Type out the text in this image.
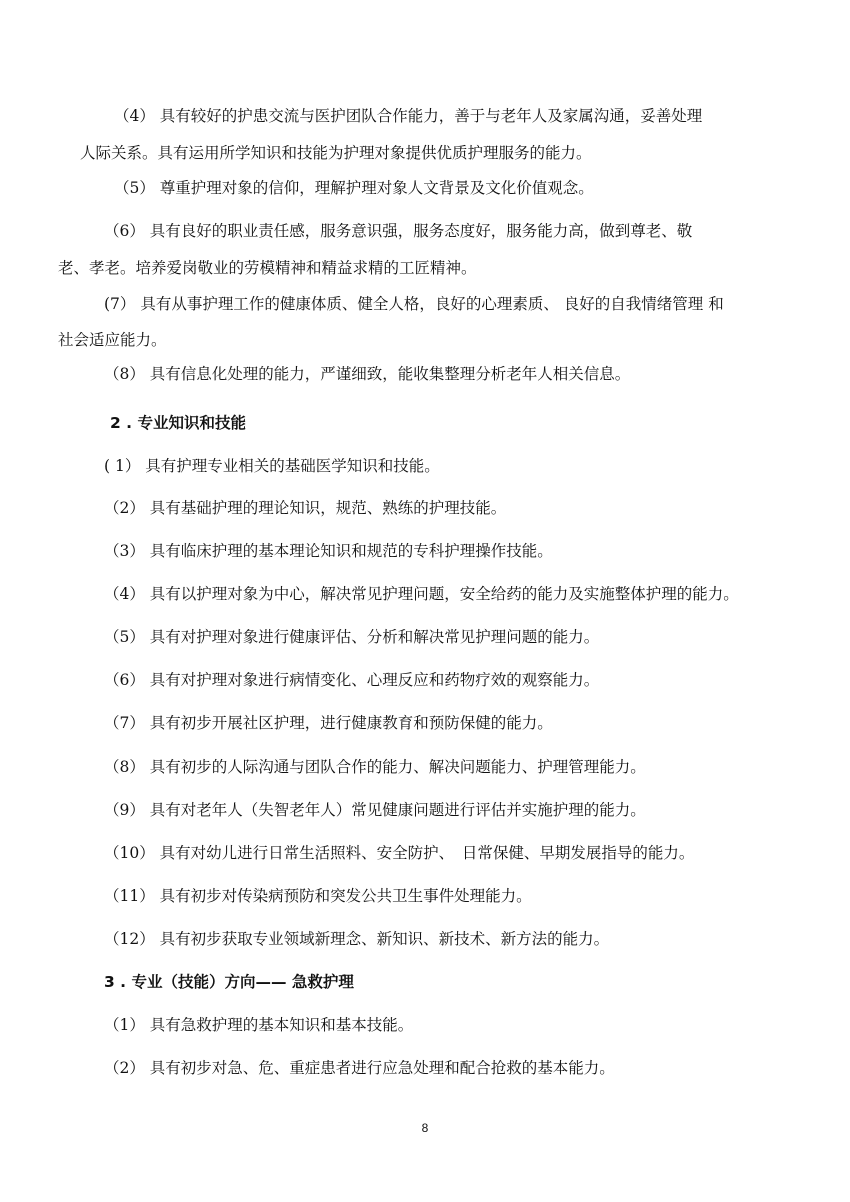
（4） 具有较好的护患交流与医护团队合作能力，善于与老年人及家属沟通，妥善处理
人际关系。具有运用所学知识和技能为护理对象提供优质护理服务的能力。
（5） 尊重护理对象的信仰，理解护理对象人文背景及文化价值观念。
（6） 具有良好的职业责任感，服务意识强，服务态度好，服务能力高，做到尊老、敬
老、孝老。培养爱岗敬业的劳模精神和精益求精的工匠精神。
(7） 具有从事护理工作的健康体质、健全人格，良好的心理素质、 良好的自我情绪管理 和
社会适应能力。
（8） 具有信息化处理的能力，严谨细致，能收集整理分析老年人相关信息。
2 . 专业知识和技能
( 1） 具有护理专业相关的基础医学知识和技能。
（2） 具有基础护理的理论知识，规范、熟练的护理技能。
（3） 具有临床护理的基本理论知识和规范的专科护理操作技能。
（4） 具有以护理对象为中心，解决常见护理问题，安全给药的能力及实施整体护理的能力。
（5） 具有对护理对象进行健康评估、分析和解决常见护理问题的能力。
（6） 具有对护理对象进行病情变化、心理反应和药物疗效的观察能力。
（7） 具有初步开展社区护理，进行健康教育和预防保健的能力。
（8） 具有初步的人际沟通与团队合作的能力、解决问题能力、护理管理能力。
（9） 具有对老年人（失智老年人）常见健康问题进行评估并实施护理的能力。
（10） 具有对幼儿进行日常生活照料、安全防护、　日常保健、早期发展指导的能力。
（11） 具有初步对传染病预防和突发公共卫生事件处理能力。
（12） 具有初步获取专业领域新理念、新知识、新技术、新方法的能力。
3 . 专业（技能）方向—— 急救护理
（1） 具有急救护理的基本知识和基本技能。
（2） 具有初步对急、危、重症患者进行应急处理和配合抢救的基本能力。
8
